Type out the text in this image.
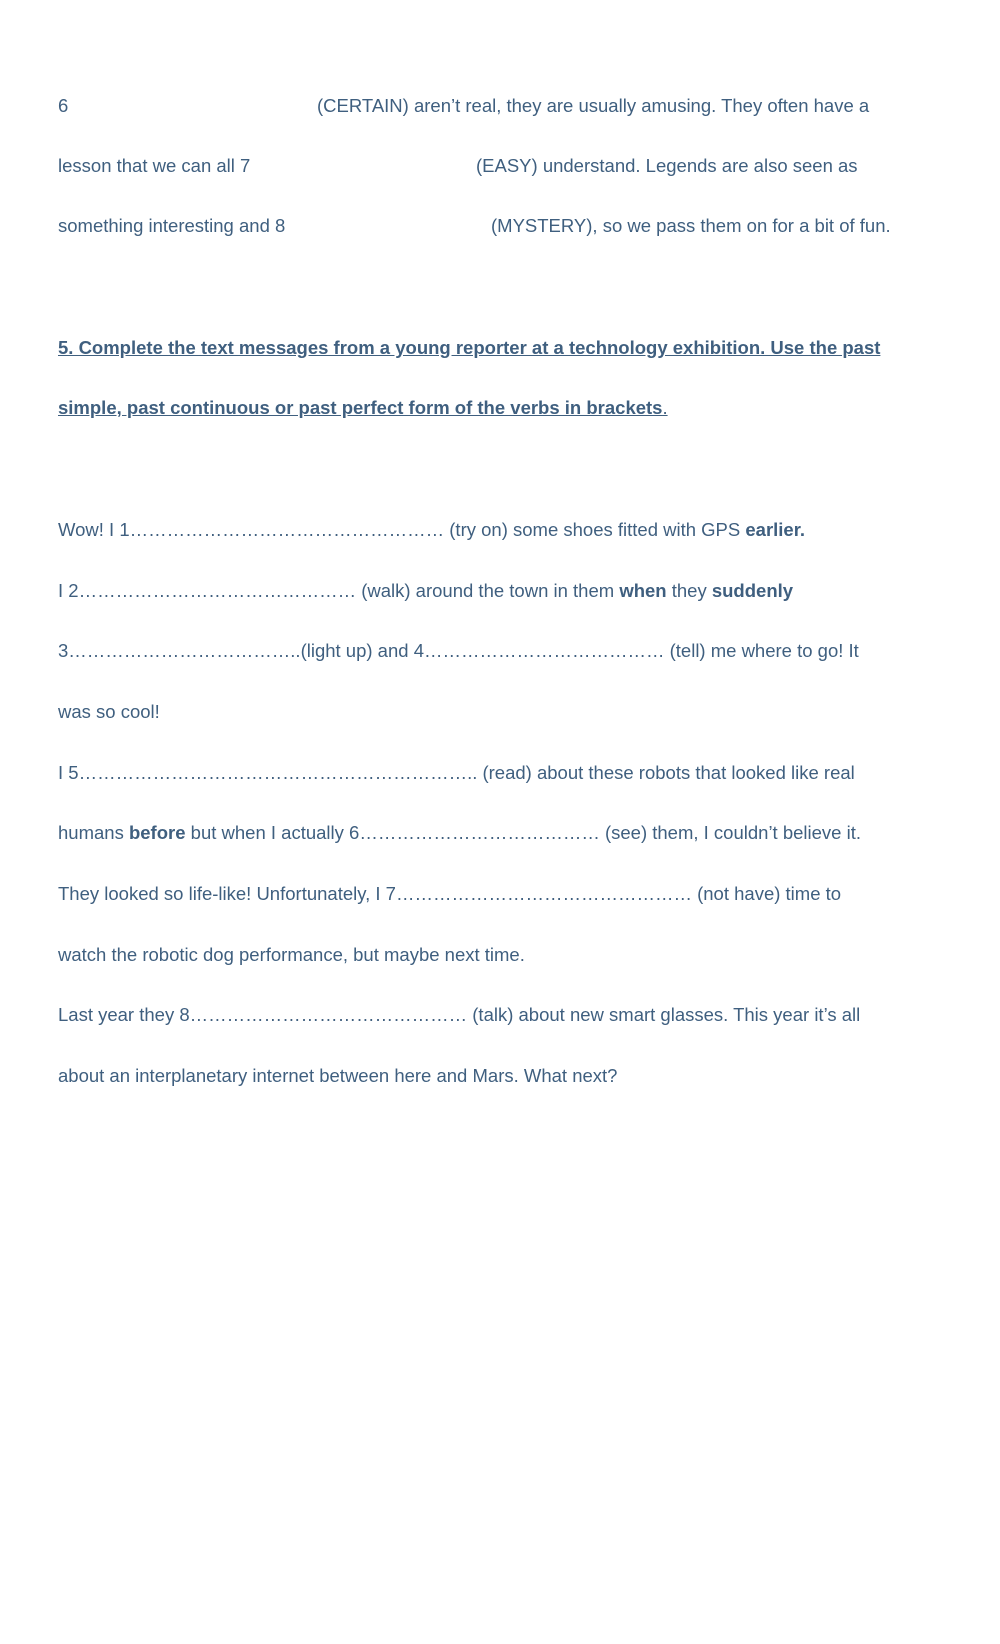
6	(CERTAIN) aren’t real, they are usually amusing. They often have a
lesson that we can all 7	(EASY) understand. Legends are also seen as
something interesting and 8	(MYSTERY), so we pass them on for a bit of fun.
5. Complete the text messages from a young reporter at a technology exhibition. Use the past
simple, past continuous or past perfect form of the verbs in brackets.
Wow! I 1…………………………………………… (try on) some shoes fitted with GPS earlier.
I 2……………………………………… (walk) around the town in them when they suddenly
3………………………………..(light up) and 4………………………………… (tell) me where to go! It
was so cool!
I 5……………………………………………………….. (read) about these robots that looked like real
humans before but when I actually 6………………………………… (see) them, I couldn’t believe it.
They looked so life-like! Unfortunately, I 7………………………………………… (not have) time to
watch the robotic dog performance, but maybe next time.
Last year they 8……………………………………… (talk) about new smart glasses. This year it’s all
about an interplanetary internet between here and Mars. What next?
